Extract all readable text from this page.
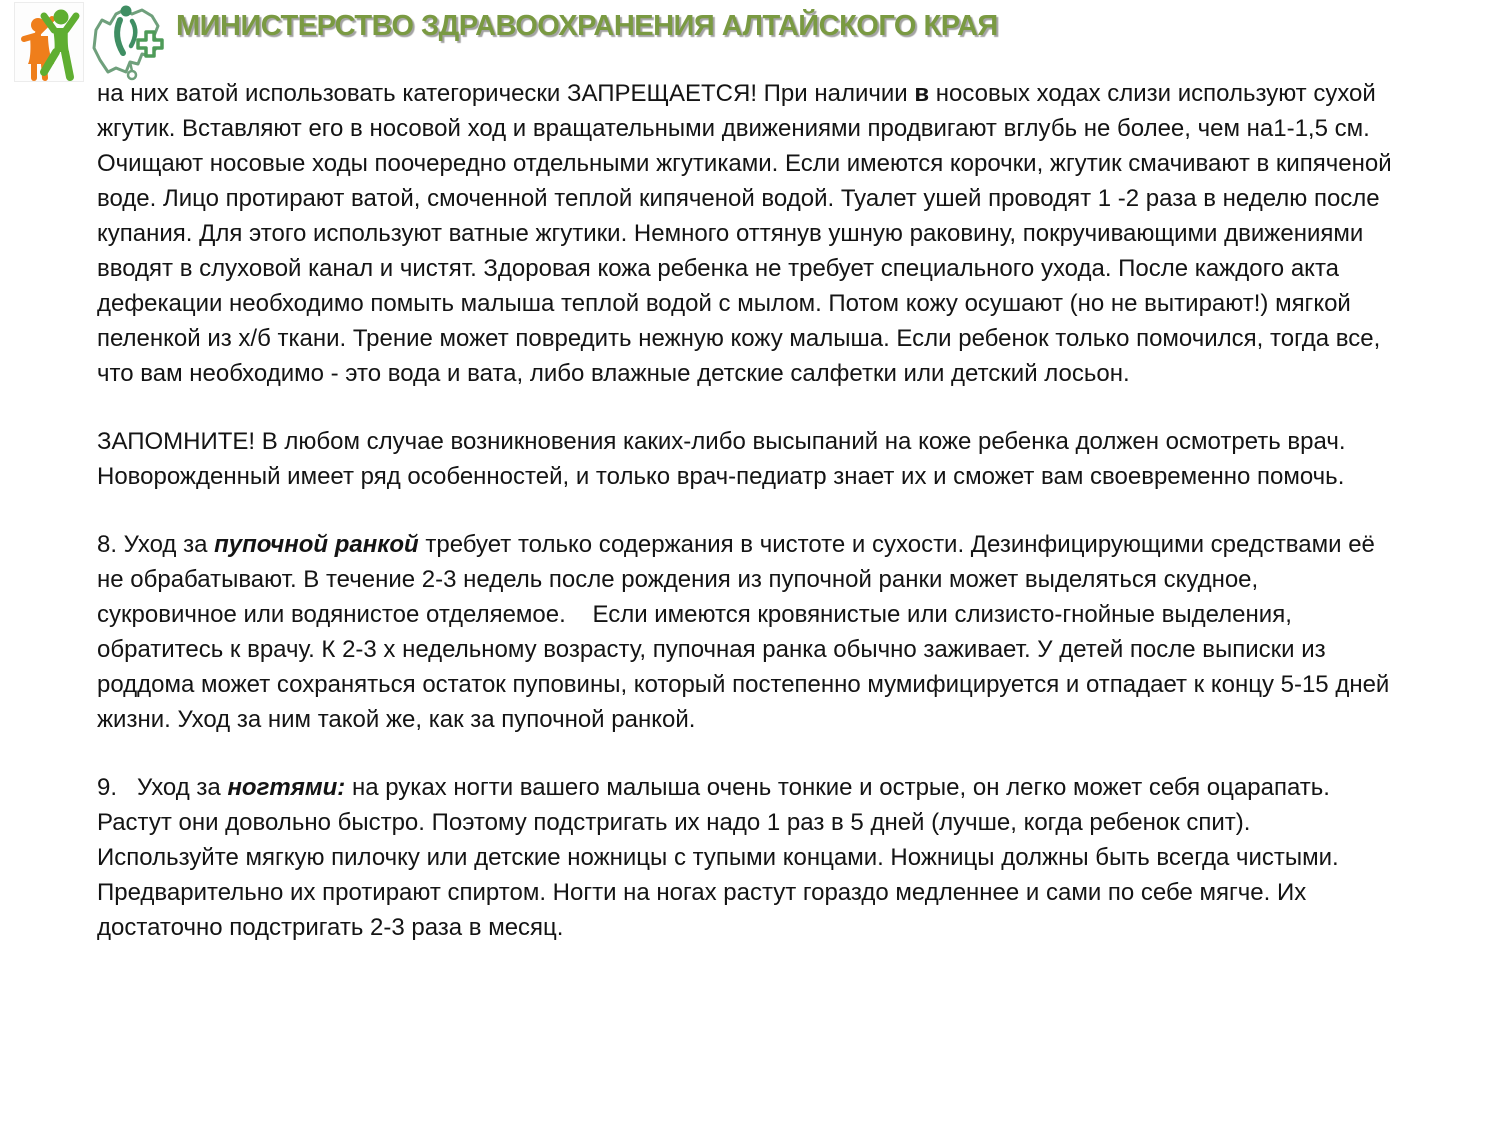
МИНИСТЕРСТВО ЗДРАВООХРАНЕНИЯ АЛТАЙСКОГО КРАЯ

на них ватой использовать категорически ЗАПРЕЩАЕТСЯ! При наличии в носовых ходах слизи используют сухой жгутик. Вставляют его в носовой ход и вращательными движениями продвигают вглубь не более, чем на1-1,5 см. Очищают носовые ходы поочередно отдельными жгутиками. Если имеются корочки, жгутик смачивают в кипяченой воде. Лицо протирают ватой, смоченной теплой кипяченой водой. Туалет ушей проводят 1 -2 раза в неделю после купания. Для этого используют ватные жгутики. Немного оттянув ушную раковину, покручивающими движениями вводят в слуховой канал и чистят. Здоровая кожа ребенка не требует специального ухода. После каждого акта дефекации необходимо помыть малыша теплой водой с мылом. Потом кожу осушают (но не вытирают!) мягкой пеленкой из х/б ткани. Трение может повредить нежную кожу малыша. Если ребенок только помочился, тогда все, что вам необходимо - это вода и вата, либо влажные детские салфетки или детский лосьон.

ЗАПОМНИТЕ! В любом случае возникновения каких-либо высыпаний на коже ребенка должен осмотреть врач. Новорожденный имеет ряд особенностей, и только врач-педиатр знает их и сможет вам своевременно помочь.

8. Уход за пупочной ранкой требует только содержания в чистоте и сухости. Дезинфицирующими средствами её не обрабатывают. В течение 2-3 недель после рождения из пупочной ранки может выделяться скудное, сукровичное или водянистое отделяемое.    Если имеются кровянистые или слизисто-гнойные выделения, обратитесь к врачу. К 2-3 х недельному возрасту, пупочная ранка обычно заживает. У детей после выписки из роддома может сохраняться остаток пуповины, который постепенно мумифицируется и отпадает к концу 5-15 дней жизни. Уход за ним такой же, как за пупочной ранкой.

9.   Уход за ногтями: на руках ногти вашего малыша очень тонкие и острые, он легко может себя оцарапать. Растут они довольно быстро. Поэтому подстригать их надо 1 раз в 5 дней (лучше, когда ребенок спит). Используйте мягкую пилочку или детские ножницы с тупыми концами. Ножницы должны быть всегда чистыми. Предварительно их протирают спиртом. Ногти на ногах растут гораздо медленнее и сами по себе мягче. Их достаточно подстригать 2-3 раза в месяц.
